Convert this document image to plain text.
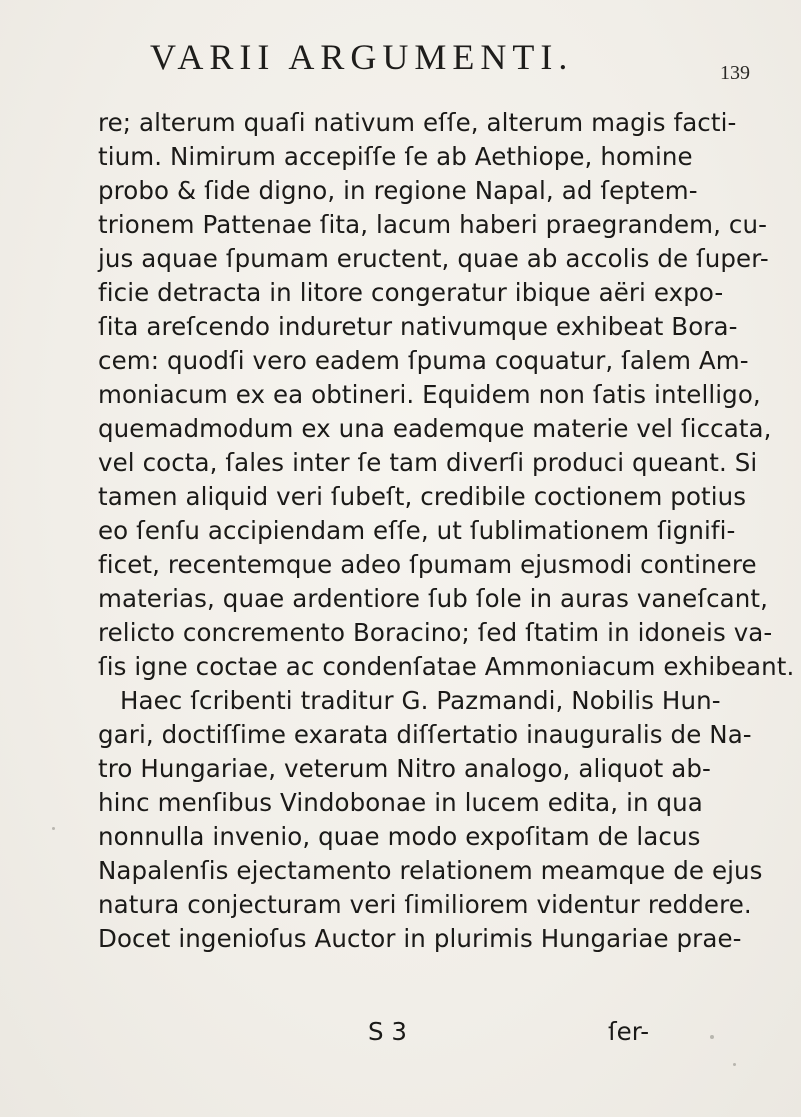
VARII ARGUMENTI.	139
re; alterum quaſi nativum eſſe, alterum magis facti-
tium. Nimirum accepiſſe ſe ab Aethiope, homine
probo & ſide digno, in regione Napal, ad ſeptem-
trionem Pattenae ſita, lacum haberi praegrandem, cu-
jus aquae ſpumam eructent, quae ab accolis de ſuper-
ficie detracta in litore congeratur ibique aëri expo-
ſita areſcendo induretur nativumque exhibeat Bora-
cem: quodſi vero eadem ſpuma coquatur, ſalem Am-
moniacum ex ea obtineri. Equidem non ſatis intelligo,
quemadmodum ex una eademque materie vel ſiccata,
vel cocta, ſales inter ſe tam diverſi produci queant. Si
tamen aliquid veri ſubeſt, credibile coctionem potius
eo ſenſu accipiendam eſſe, ut ſublimationem ſignifi-
ficet, recentemque adeo ſpumam ejusmodi continere
materias, quae ardentiore ſub ſole in auras vaneſcant,
relicto concremento Boracino; ſed ſtatim in idoneis va-
ſis igne coctae ac condenſatae Ammoniacum exhibeant.
Haec ſcribenti traditur G. Pazmandi, Nobilis Hun-
gari, doctiſſime exarata diſſertatio inauguralis de Na-
tro Hungariae, veterum Nitro analogo, aliquot ab-
hinc menſibus Vindobonae in lucem edita, in qua
nonnulla invenio, quae modo expoſitam de lacus
Napalenſis ejectamento relationem meamque de ejus
natura conjecturam veri ſimiliorem videntur reddere.
Docet ingenioſus Auctor in plurimis Hungariae prae-
S 3	ſer-
